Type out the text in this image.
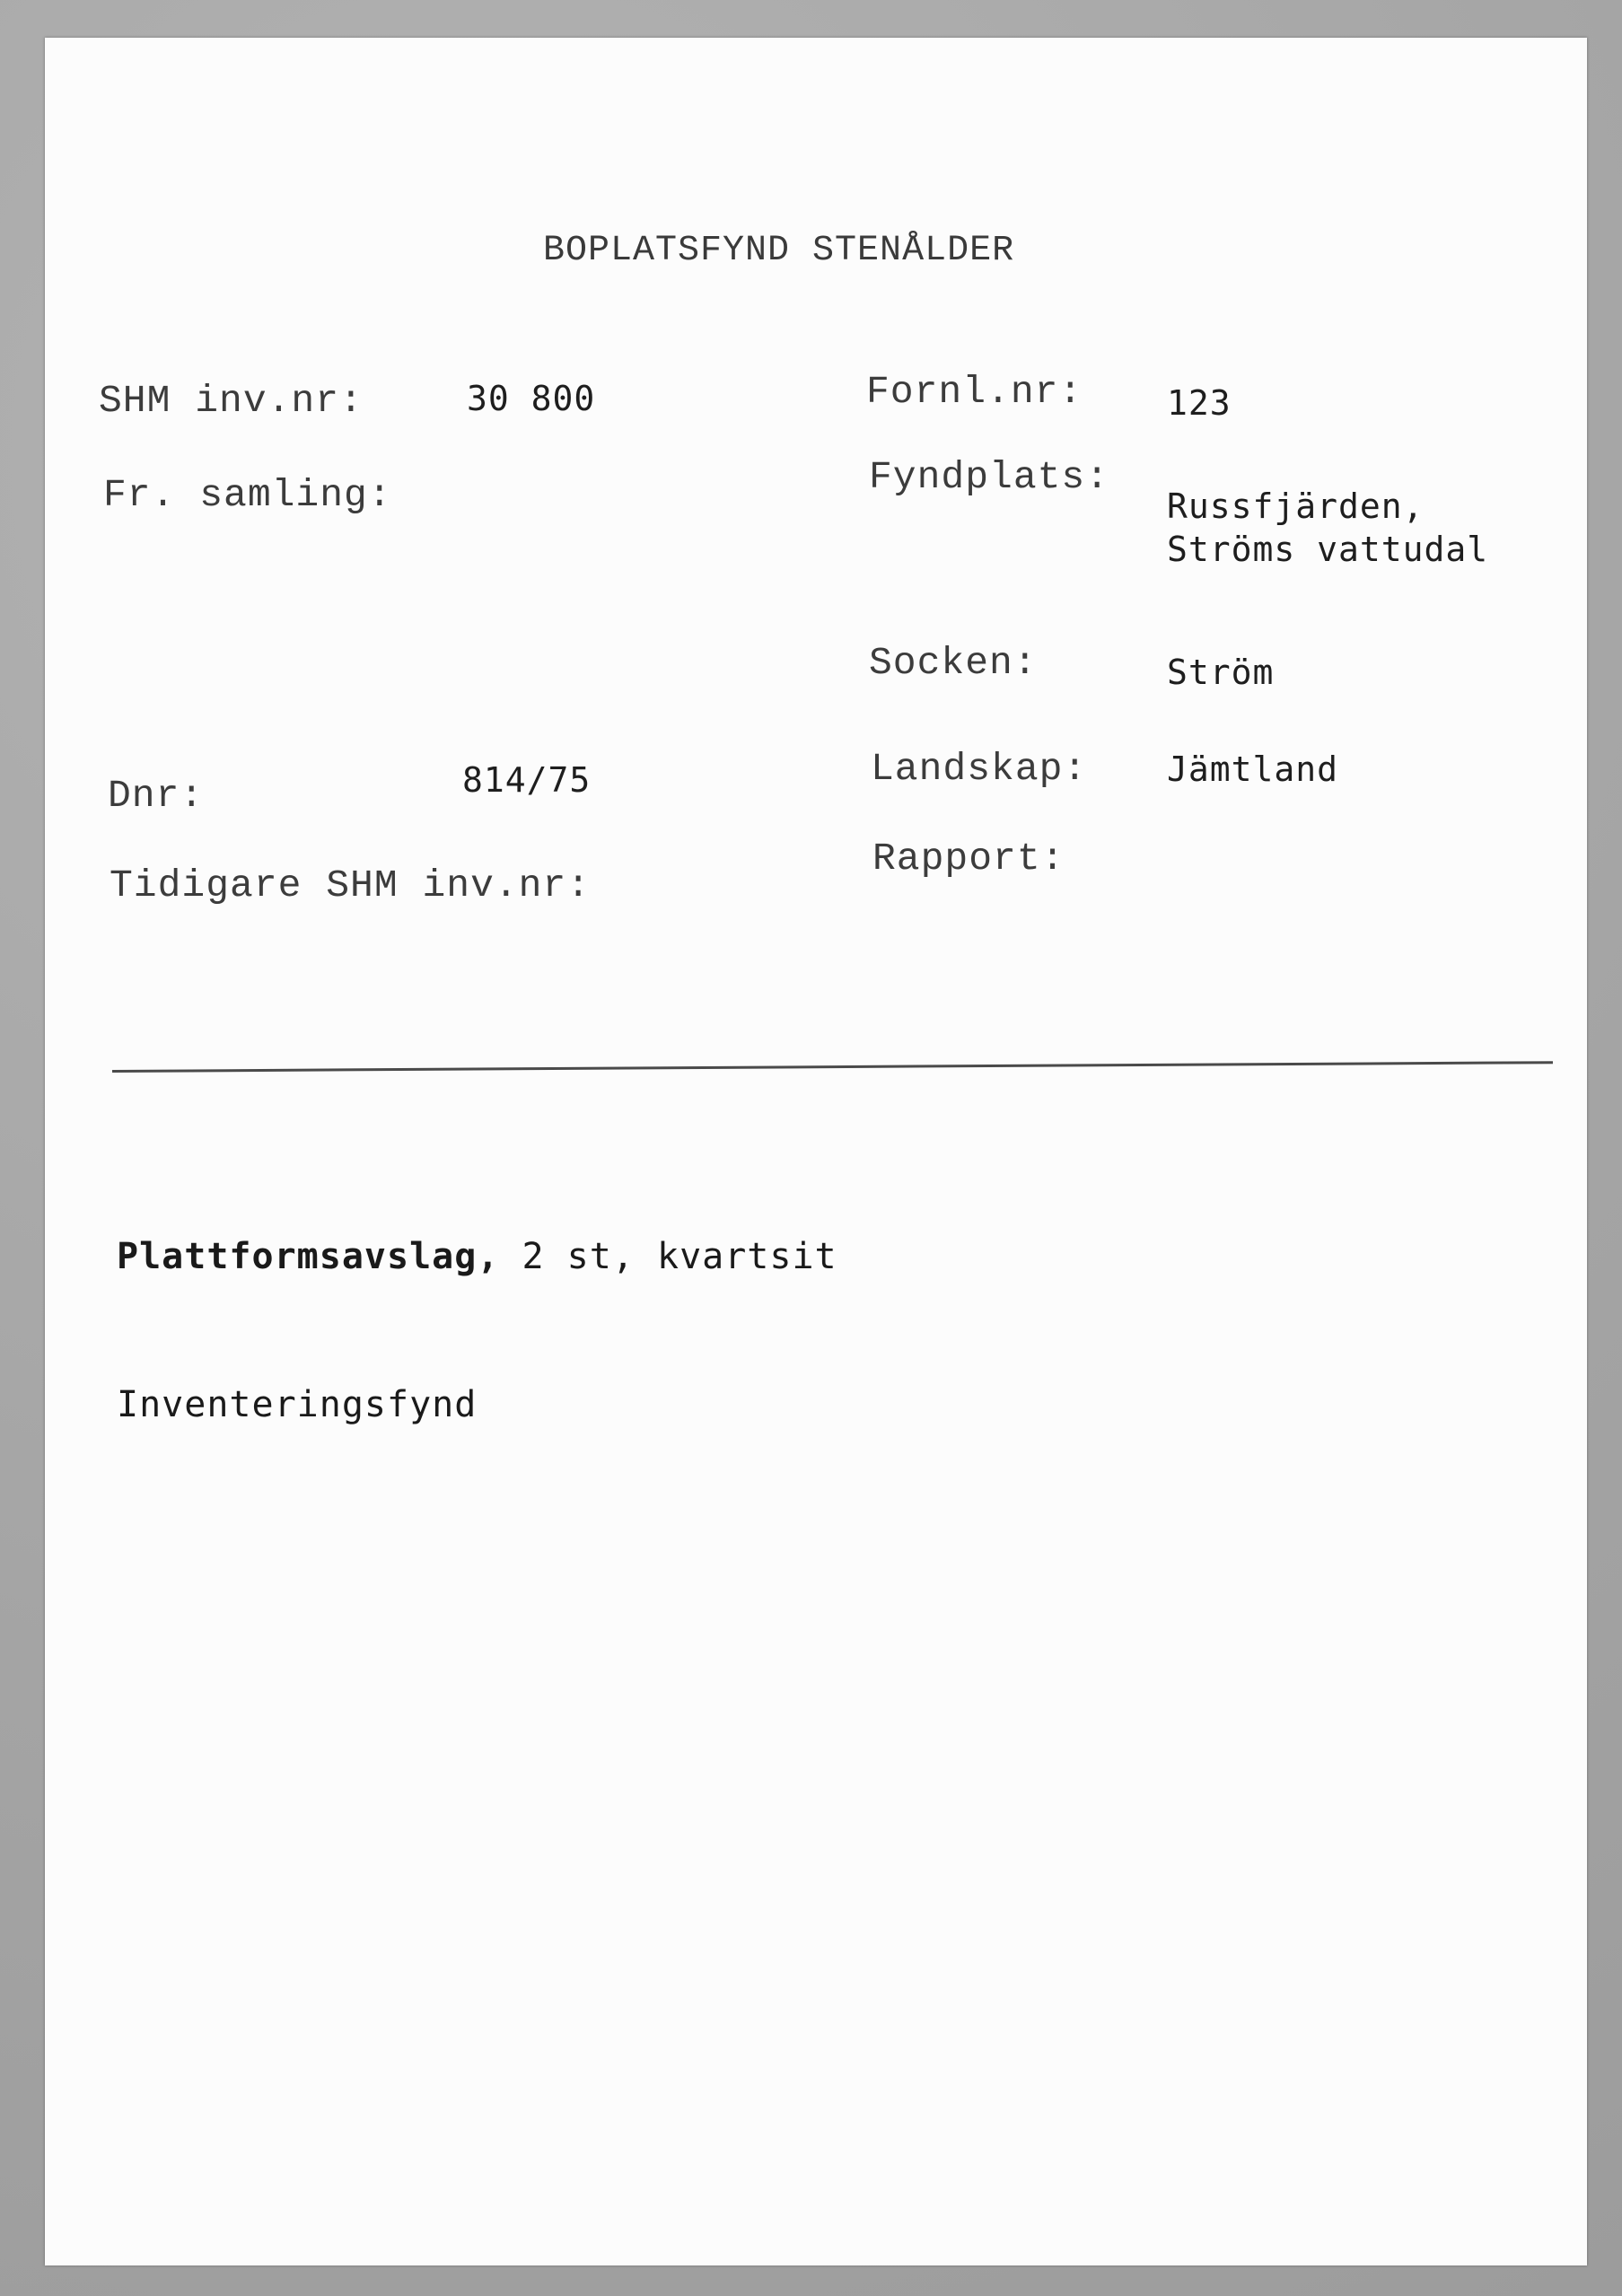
BOPLATSFYND STENÅLDER
SHM inv.nr:	30 800
Fr. samling:
Dnr:	814/75
Tidigare SHM inv.nr:
Fornl.nr: 123
Fyndplats:
Russfjärden,
Ströms vattudal
Socken:	Ström
Landskap: Jämtland
Rapport:
Plattformsavslag, 2 st, kvartsit
Inventeringsfynd
